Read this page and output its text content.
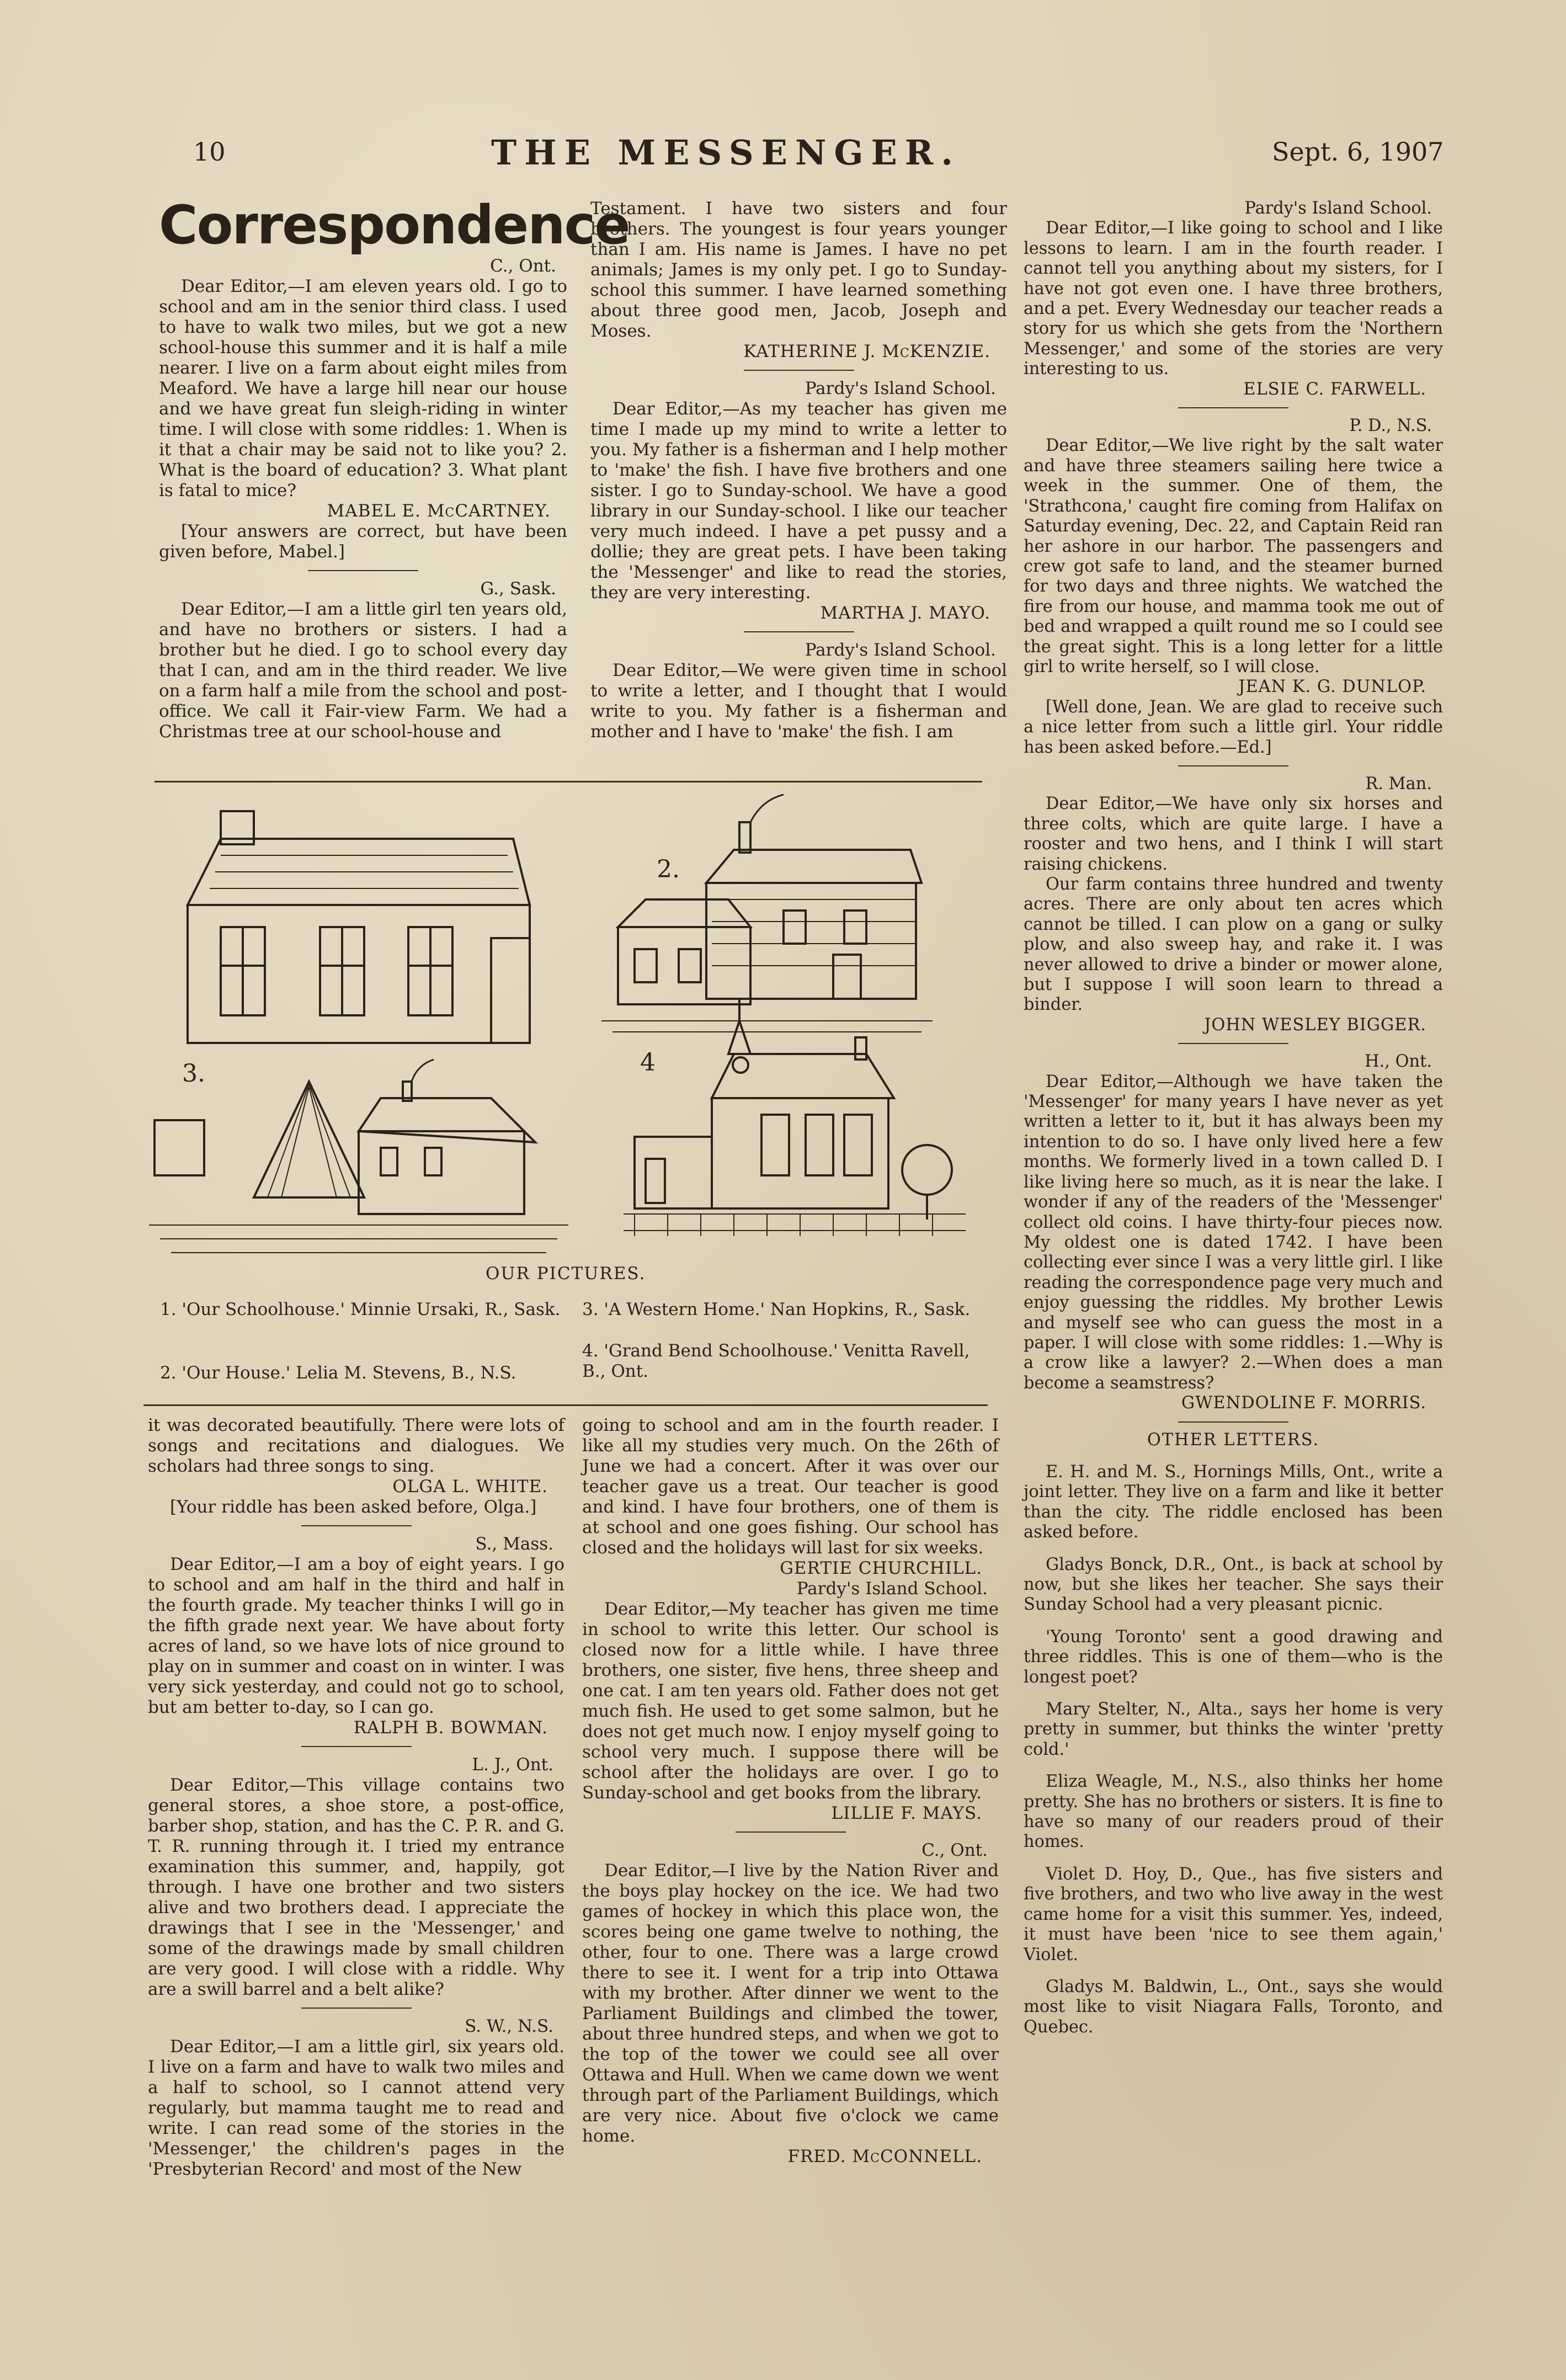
10	THE MESSENGER.	Sept. 6, 1907
Correspondence

C., Ont.

Dear Editor,—I am eleven years old. I go to school and am in the senior third class. I used to have to walk two miles, but we got a new school-house this summer and it is half a mile nearer. I live on a farm about eight miles from Meaford. We have a large hill near our house and we have great fun sleigh-riding in winter time. I will close with some riddles: 1. When is it that a chair may be said not to like you? 2. What is the board of education? 3. What plant is fatal to mice?

MABEL E. McCARTNEY.

[Your answers are correct, but have been given before, Mabel.]

G., Sask.

Dear Editor,—I am a little girl ten years old, and have no brothers or sisters. I had a brother but he died. I go to school every day that I can, and am in the third reader. We live on a farm half a mile from the school and post-office. We call it Fair-view Farm. We had a Christmas tree at our school-house and

Testament. I have two sisters and four brothers. The youngest is four years younger than I am. His name is James. I have no pet animals; James is my only pet. I go to Sunday-school this summer. I have learned something about three good men, Jacob, Joseph and Moses.

KATHERINE J. McKENZIE.

Pardy's Island School.

Dear Editor,—As my teacher has given me time I made up my mind to write a letter to you. My father is a fisherman and I help mother to 'make' the fish. I have five brothers and one sister. I go to Sunday-school. We have a good library in our Sunday-school. I like our teacher very much indeed. I have a pet pussy and a dollie; they are great pets. I have been taking the 'Messenger' and like to read the stories, they are very interesting.

MARTHA J. MAYO.

Pardy's Island School.

Dear Editor,—We were given time in school to write a letter, and I thought that I would write to you. My father is a fisherman and mother and I have to 'make' the fish. I am

Pardy's Island School.

Dear Editor,—I like going to school and I like lessons to learn. I am in the fourth reader. I cannot tell you anything about my sisters, for I have not got even one. I have three brothers, and a pet. Every Wednesday our teacher reads a story for us which she gets from the 'Northern Messenger,' and some of the stories are very interesting to us.

ELSIE C. FARWELL.

P. D., N.S.

Dear Editor,—We live right by the salt water and have three steamers sailing here twice a week in the summer. One of them, the 'Strathcona,' caught fire coming from Halifax on Saturday evening, Dec. 22, and Captain Reid ran her ashore in our harbor. The passengers and crew got safe to land, and the steamer burned for two days and three nights. We watched the fire from our house, and mamma took me out of bed and wrapped a quilt round me so I could see the great sight. This is a long letter for a little girl to write herself, so I will close.

JEAN K. G. DUNLOP.

[Well done, Jean. We are glad to receive such a nice letter from such a little girl. Your riddle has been asked before.—Ed.]

R. Man.

Dear Editor,—We have only six horses and three colts, which are quite large. I have a rooster and two hens, and I think I will start raising chickens.

Our farm contains three hundred and twenty acres. There are only about ten acres which cannot be tilled. I can plow on a gang or sulky plow, and also sweep hay, and rake it. I was never allowed to drive a binder or mower alone, but I suppose I will soon learn to thread a binder.

JOHN WESLEY BIGGER.

H., Ont.

Dear Editor,—Although we have taken the 'Messenger' for many years I have never as yet written a letter to it, but it has always been my intention to do so. I have only lived here a few months. We formerly lived in a town called D. I like living here so much, as it is near the lake. I wonder if any of the readers of the 'Messenger' collect old coins. I have thirty-four pieces now. My oldest one is dated 1742. I have been collecting ever since I was a very little girl. I like reading the correspondence page very much and enjoy guessing the riddles. My brother Lewis and myself see who can guess the most in a paper. I will close with some riddles: 1.—Why is a crow like a lawyer? 2.—When does a man become a seamstress?

GWENDOLINE F. MORRIS.

OTHER LETTERS.

E. H. and M. S., Hornings Mills, Ont., write a joint letter. They live on a farm and like it better than the city. The riddle enclosed has been asked before.

Gladys Bonck, D.R., Ont., is back at school by now, but she likes her teacher. She says their Sunday School had a very pleasant picnic.

'Young Toronto' sent a good drawing and three riddles. This is one of them—who is the longest poet?

Mary Stelter, N., Alta., says her home is very pretty in summer, but thinks the winter 'pretty cold.'

Eliza Weagle, M., N.S., also thinks her home pretty. She has no brothers or sisters. It is fine to have so many of our readers proud of their homes.

Violet D. Hoy, D., Que., has five sisters and five brothers, and two who live away in the west came home for a visit this summer. Yes, indeed, it must have been 'nice to see them again,' Violet.

Gladys M. Baldwin, L., Ont., says she would most like to visit Niagara Falls, Toronto, and Quebec.

2.
3.	4
OUR PICTURES.
1. 'Our Schoolhouse.' Minnie Ursaki, R., Sask.
2. 'Our House.' Lelia M. Stevens, B., N.S.
3. 'A Western Home.' Nan Hopkins, R., Sask.
4. 'Grand Bend Schoolhouse.' Venitta Ravell, B., Ont.

it was decorated beautifully. There were lots of songs and recitations and dialogues. We scholars had three songs to sing.

OLGA L. WHITE.

[Your riddle has been asked before, Olga.]

S., Mass.

Dear Editor,—I am a boy of eight years. I go to school and am half in the third and half in the fourth grade. My teacher thinks I will go in the fifth grade next year. We have about forty acres of land, so we have lots of nice ground to play on in summer and coast on in winter. I was very sick yesterday, and could not go to school, but am better to-day, so I can go.

RALPH B. BOWMAN.

L. J., Ont.

Dear Editor,—This village contains two general stores, a shoe store, a post-office, barber shop, station, and has the C. P. R. and G. T. R. running through it. I tried my entrance examination this summer, and, happily, got through. I have one brother and two sisters alive and two brothers dead. I appreciate the drawings that I see in the 'Messenger,' and some of the drawings made by small children are very good. I will close with a riddle. Why are a swill barrel and a belt alike?

S. W., N.S.

Dear Editor,—I am a little girl, six years old. I live on a farm and have to walk two miles and a half to school, so I cannot attend very regularly, but mamma taught me to read and write. I can read some of the stories in the 'Messenger,' the children's pages in the 'Presbyterian Record' and most of the New

going to school and am in the fourth reader. I like all my studies very much. On the 26th of June we had a concert. After it was over our teacher gave us a treat. Our teacher is good and kind. I have four brothers, one of them is at school and one goes fishing. Our school has closed and the holidays will last for six weeks.

GERTIE CHURCHILL.

Pardy's Island School.

Dear Editor,—My teacher has given me time in school to write this letter. Our school is closed now for a little while. I have three brothers, one sister, five hens, three sheep and one cat. I am ten years old. Father does not get much fish. He used to get some salmon, but he does not get much now. I enjoy myself going to school very much. I suppose there will be school after the holidays are over. I go to Sunday-school and get books from the library.

LILLIE F. MAYS.

C., Ont.

Dear Editor,—I live by the Nation River and the boys play hockey on the ice. We had two games of hockey in which this place won, the scores being one game twelve to nothing, the other, four to one. There was a large crowd there to see it. I went for a trip into Ottawa with my brother. After dinner we went to the Parliament Buildings and climbed the tower, about three hundred steps, and when we got to the top of the tower we could see all over Ottawa and Hull. When we came down we went through part of the Parliament Buildings, which are very nice. About five o'clock we came home.

FRED. McCONNELL.
